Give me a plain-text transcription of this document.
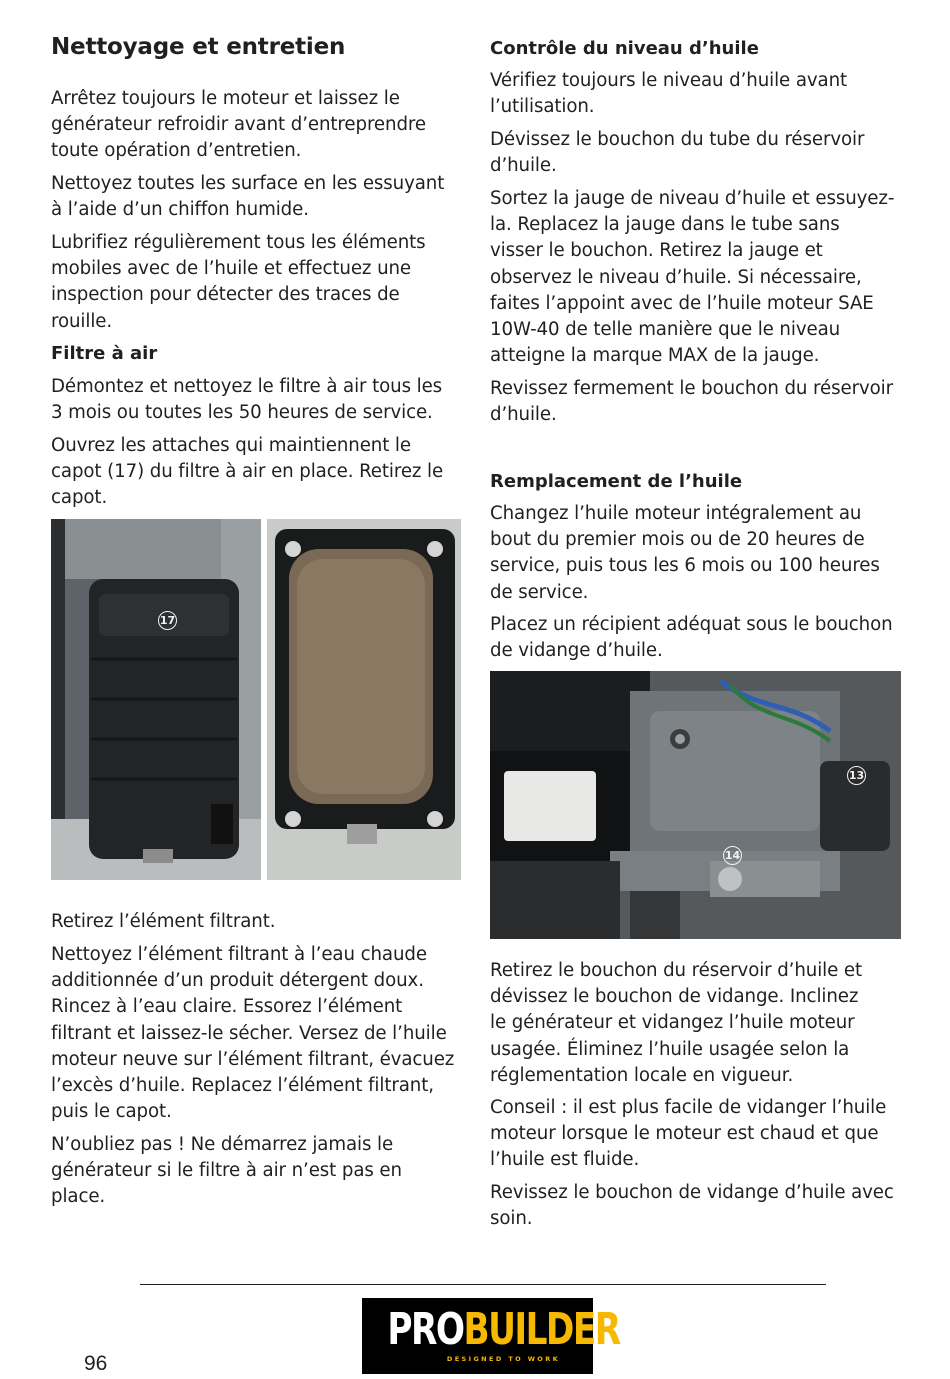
Nettoyage et entretien

Arrêtez toujours le moteur et laissez le générateur refroidir avant d’entreprendre toute opération d’entretien.

Nettoyez toutes les surface en les essuyant à l’aide d’un chiffon humide.

Lubrifiez régulièrement tous les éléments mobiles avec de l’huile et effectuez une inspection pour détecter des traces de rouille.

Filtre à air

Démontez et nettoyez le filtre à air tous les 3 mois ou toutes les 50 heures de service.

Ouvrez les attaches qui maintiennent le capot (17) du filtre à air en place. Retirez le capot.

17

Retirez l’élément filtrant.

Nettoyez l’élément filtrant à l’eau chaude additionnée d’un produit détergent doux. Rincez à l’eau claire. Essorez l’élément filtrant et laissez-le sécher. Versez de l’huile moteur neuve sur l’élément filtrant, évacuez l’excès d’huile. Replacez l’élément filtrant, puis le capot.

N’oubliez pas ! Ne démarrez jamais le générateur si le filtre à air n’est pas en place.

Contrôle du niveau d’huile

Vérifiez toujours le niveau d’huile avant l’utilisation.

Dévissez le bouchon du tube du réservoir d’huile.

Sortez la jauge de niveau d’huile et essuyez-la. Replacez la jauge dans le tube sans visser le bouchon. Retirez la jauge et observez le niveau d’huile. Si nécessaire, faites l’appoint avec de l’huile moteur SAE 10W-40 de telle manière que le niveau atteigne la marque MAX de la jauge.

Revissez fermement le bouchon du réservoir d’huile.

Remplacement de l’huile

Changez l’huile moteur intégralement au bout du premier mois ou de 20 heures de service, puis tous les 6 mois ou 100 heures de service.

Placez un récipient adéquat sous le bouchon de vidange d’huile.

13
14

Retirez le bouchon du réservoir d’huile et dévissez le bouchon de vidange. Inclinez le générateur et vidangez l’huile moteur usagée. Éliminez l’huile usagée selon la réglementation locale en vigueur.

Conseil : il est plus facile de vidanger l’huile moteur lorsque le moteur est chaud et que l’huile est fluide.

Revissez le bouchon de vidange d’huile avec soin.

PROBUILDER
DESIGNED TO WORK
96
